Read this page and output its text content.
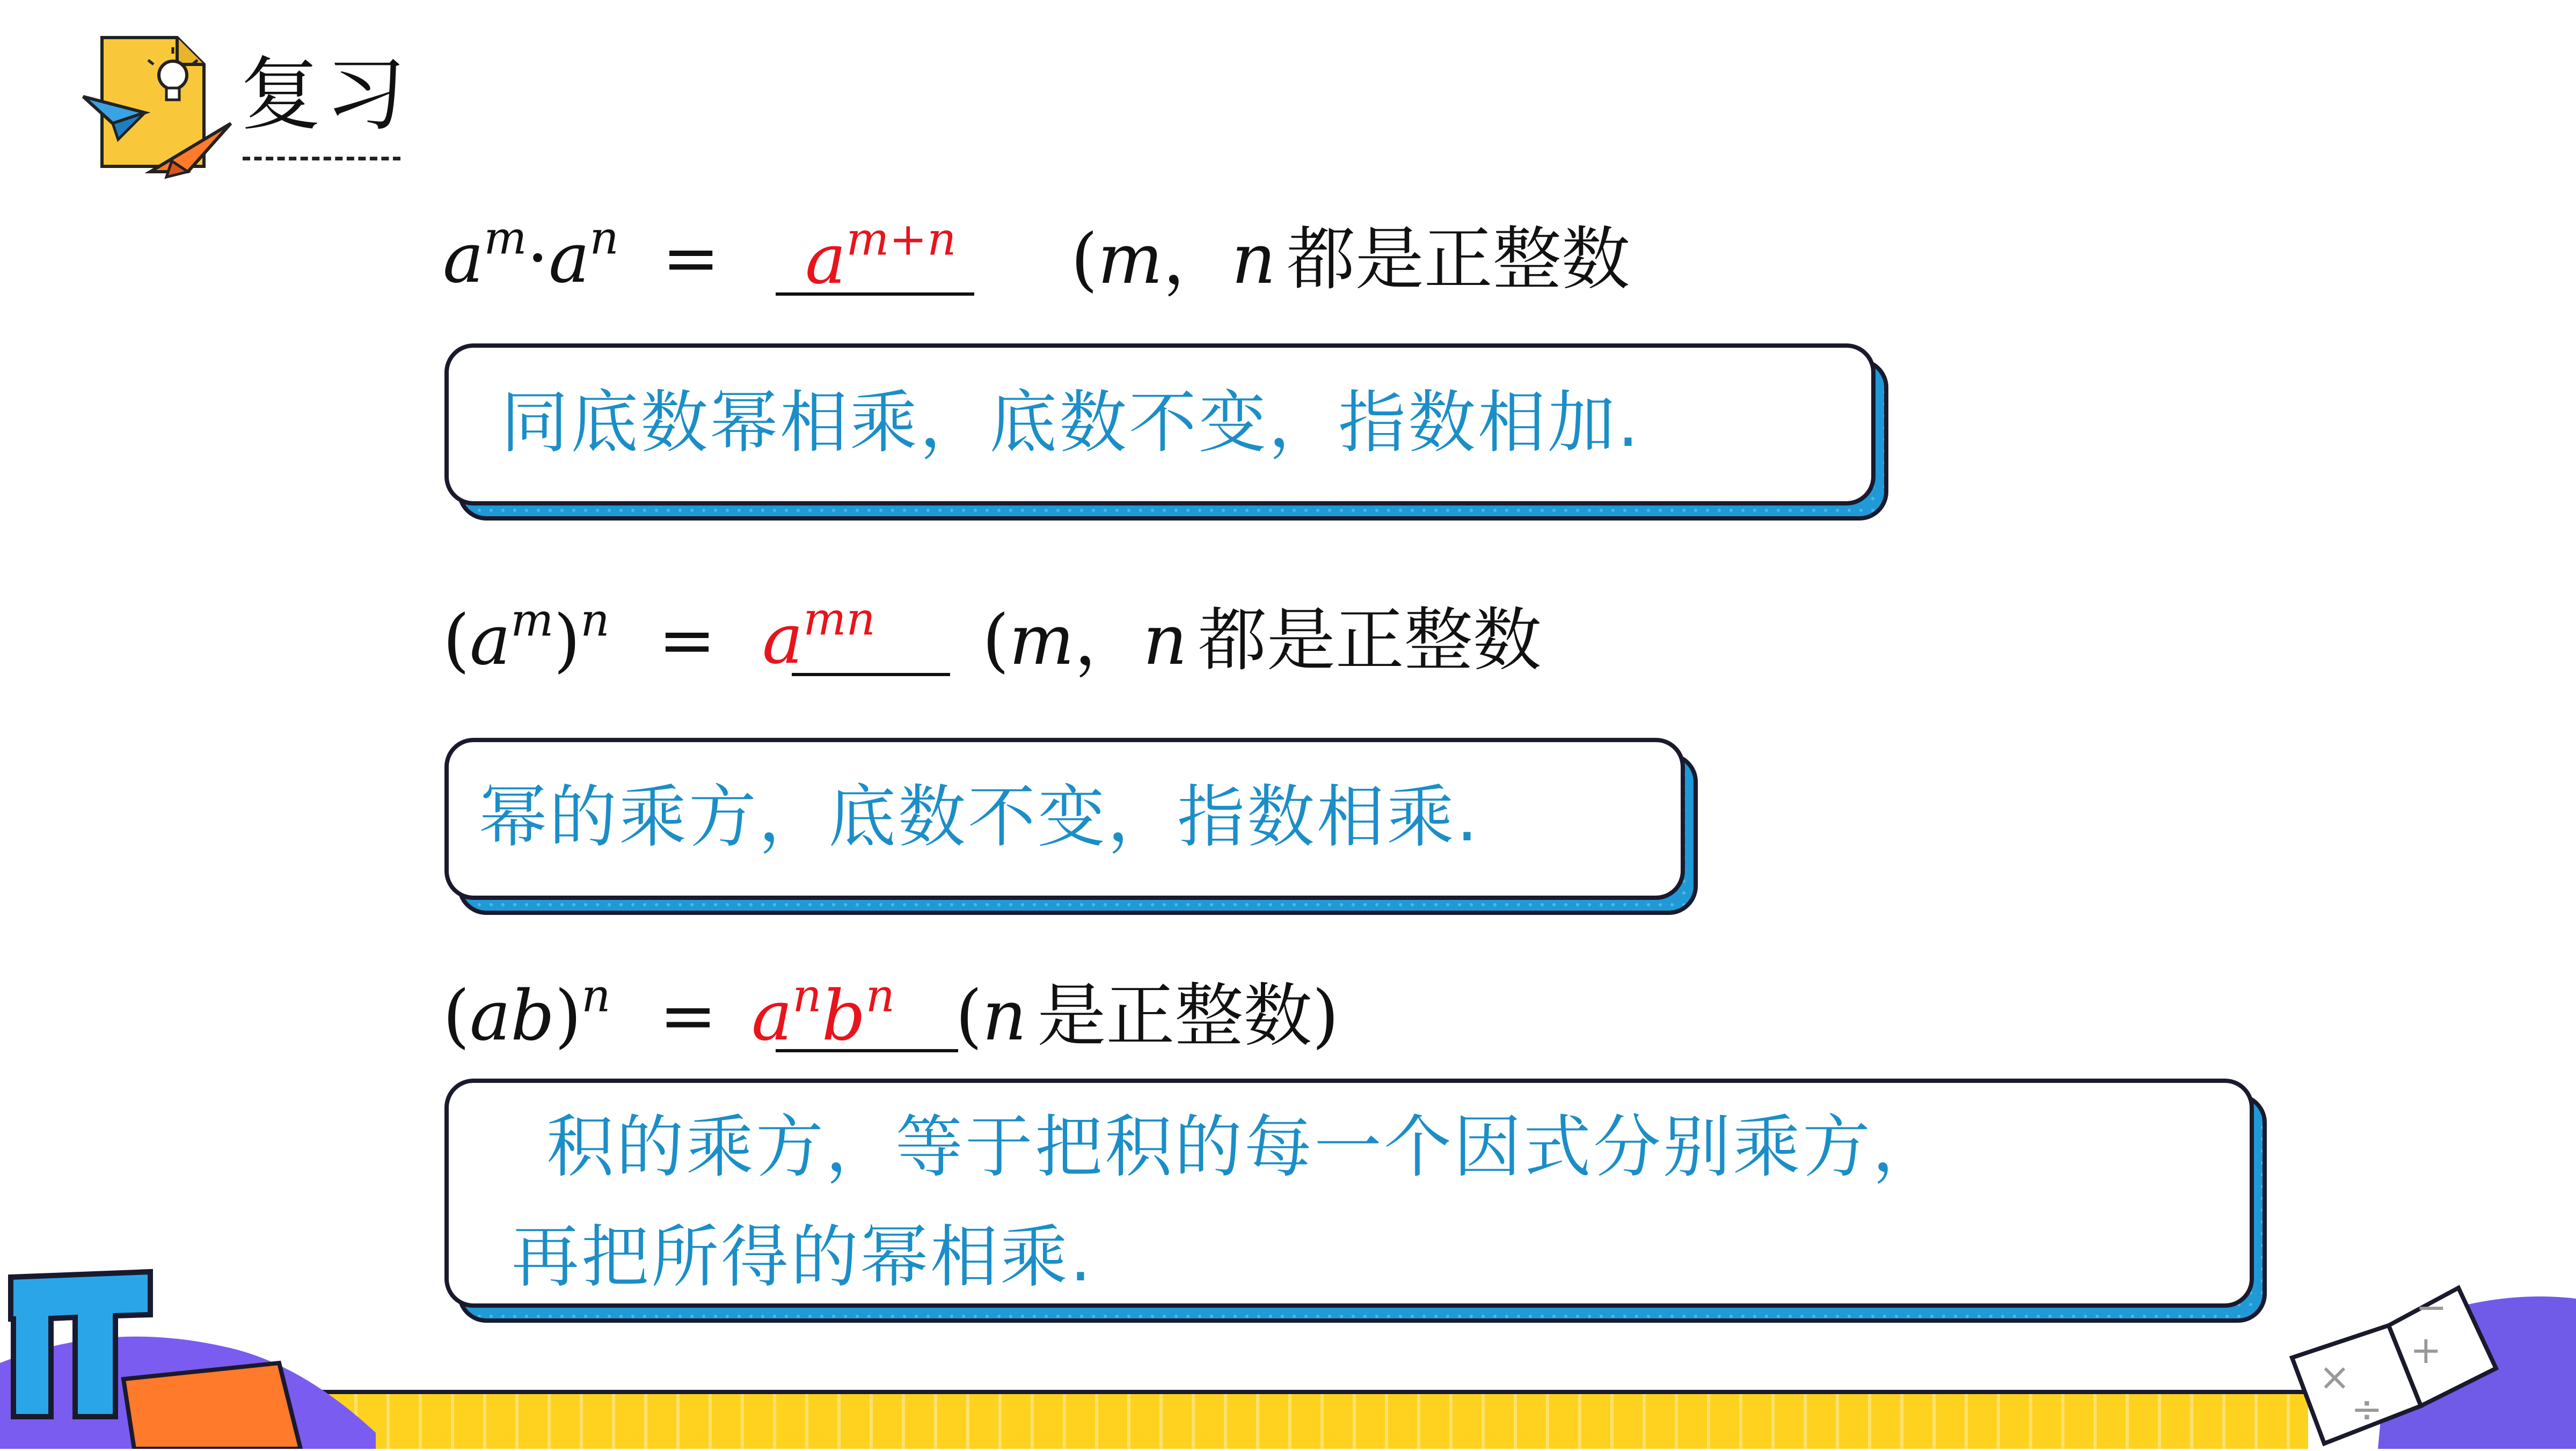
复习
$a^m\cdot a^n = a^{m+n}$ (m，n 都是正整数
同底数幂相乘，底数不变，指数相加.
$(a^m)^n = a^{mn}$ (m，n 都是正整数
幂的乘方，底数不变，指数相乘.
$(ab)^n = a^nb^n$ (n 是正整数)
积的乘方，等于把积的每一个因式分别乘方，
再把所得的幂相乘.
×
÷
+
−
